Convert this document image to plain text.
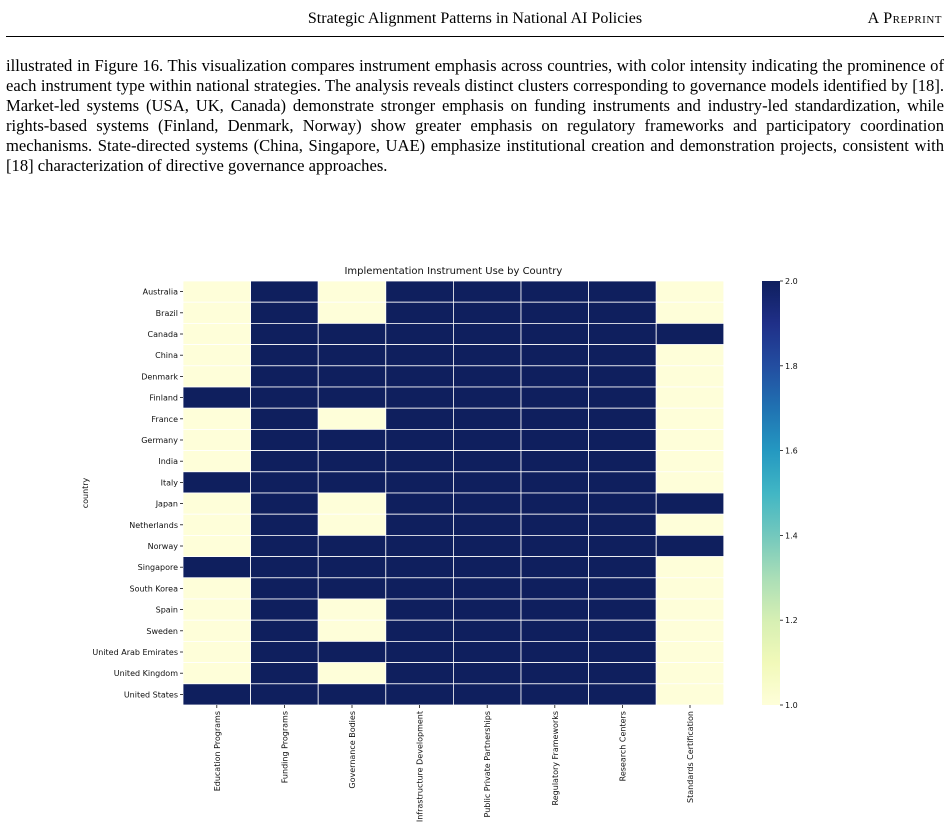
Strategic Alignment Patterns in National AI Policies	A Preprint

illustrated in Figure 16. This visualization compares instrument emphasis across countries, with color intensity indicating the prominence of each instrument type within national strategies. The analysis reveals distinct clusters corresponding to governance models identified by [18]. Market-led systems (USA, UK, Canada) demonstrate stronger emphasis on funding instruments and industry-led standardization, while rights-based systems (Finland, Denmark, Norway) show greater emphasis on regulatory frameworks and participatory coordination mechanisms. State-directed systems (China, Singapore, UAE) emphasize institutional creation and demonstration projects, consistent with [18] characterization of directive governance approaches.

Implementation Instrument Use by Country
Australia
Brazil
Canada
China
Denmark
Finland
France
Germany
India
Italy
Japan
Netherlands
Norway
Singapore
South Korea
Spain
Sweden
United Arab Emirates
United Kingdom
United States
Education Programs	Funding Programs	Governance Bodies	Infrastructure Development	Public Private Partnerships	Regulatory Frameworks	Research Centers	Standards Certification
country
1.0
1.2
1.4
1.6
1.8
2.0
